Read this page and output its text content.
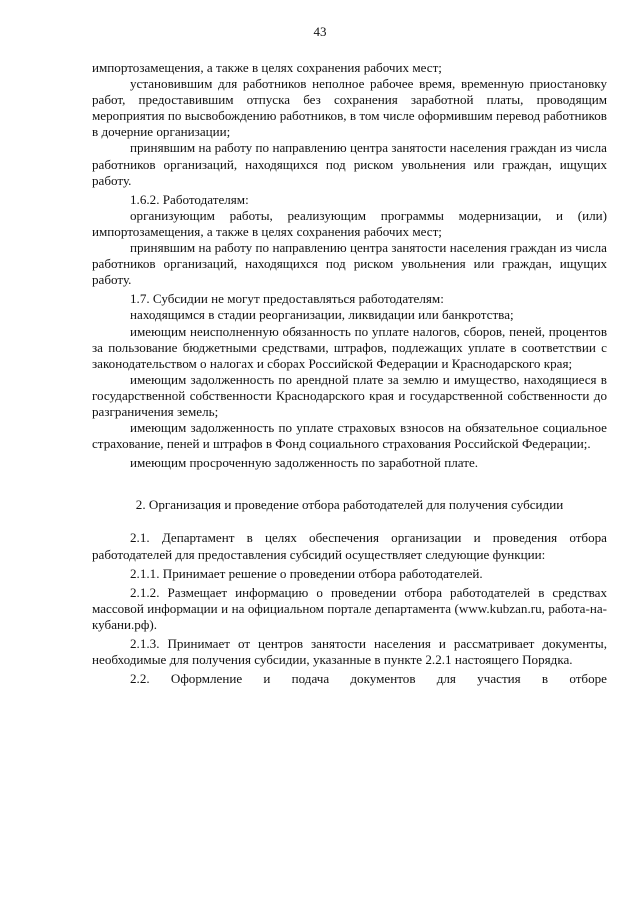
43

импортозамещения, а также в целях сохранения рабочих мест;

установившим для работников неполное рабочее время, временную приостановку работ, предоставившим отпуска без сохранения заработной платы, проводящим мероприятия по высвобождению работников, в том числе оформившим перевод работников в дочерние организации;

принявшим на работу по направлению центра занятости населения граждан из числа работников организаций, находящихся под риском увольнения или граждан, ищущих работу.

1.6.2. Работодателям:

организующим работы, реализующим программы модернизации, и (или) импортозамещения, а также в целях сохранения рабочих мест;

принявшим на работу по направлению центра занятости населения граждан из числа работников организаций, находящихся под риском увольнения или граждан, ищущих работу.

1.7. Субсидии не могут предоставляться работодателям:

находящимся в стадии реорганизации, ликвидации или банкротства;

имеющим неисполненную обязанность по уплате налогов, сборов, пеней, процентов за пользование бюджетными средствами, штрафов, подлежащих уплате в соответствии с законодательством о налогах и сборах Российской Федерации и Краснодарского края;

имеющим задолженность по арендной плате за землю и имущество, находящиеся в государственной собственности Краснодарского края и государственной собственности до разграничения земель;

имеющим задолженность по уплате страховых взносов на обязательное социальное страхование, пеней и штрафов в Фонд социального страхования Российской Федерации;.

имеющим просроченную задолженность по заработной плате.

2. Организация и проведение отбора работодателей для получения субсидии

2.1. Департамент в целях обеспечения организации и проведения отбора работодателей для предоставления субсидий осуществляет следующие функции:

2.1.1. Принимает решение о проведении отбора работодателей.

2.1.2. Размещает информацию о проведении отбора работодателей в средствах массовой информации и на официальном портале департамента (www.kubzan.ru, работа-на-кубани.рф).

2.1.3. Принимает от центров занятости населения и рассматривает документы, необходимые для получения субсидии, указанные в пункте 2.2.1 настоящего Порядка.

2.2. Оформление и подача документов для участия в отборе
